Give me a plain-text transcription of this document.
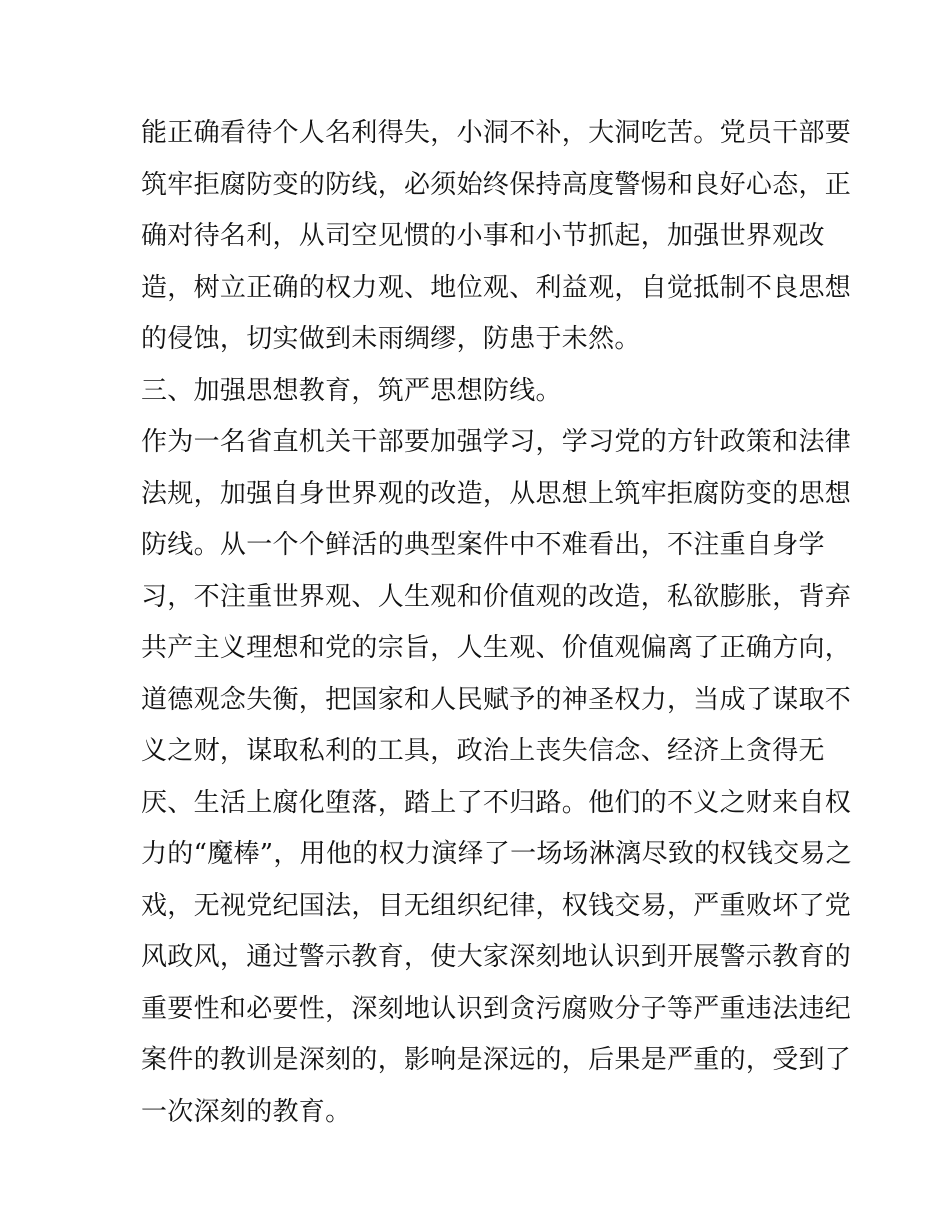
能正确看待个人名利得失，小洞不补，大洞吃苦。党员干部要
筑牢拒腐防变的防线，必须始终保持高度警惕和良好心态，正
确对待名利，从司空见惯的小事和小节抓起，加强世界观改
造，树立正确的权力观、地位观、利益观，自觉抵制不良思想
的侵蚀，切实做到未雨绸缪，防患于未然。
三、加强思想教育，筑严思想防线。
作为一名省直机关干部要加强学习，学习党的方针政策和法律
法规，加强自身世界观的改造，从思想上筑牢拒腐防变的思想
防线。从一个个鲜活的典型案件中不难看出，不注重自身学
习，不注重世界观、人生观和价值观的改造，私欲膨胀，背弃
共产主义理想和党的宗旨，人生观、价值观偏离了正确方向，
道德观念失衡，把国家和人民赋予的神圣权力，当成了谋取不
义之财，谋取私利的工具，政治上丧失信念、经济上贪得无
厌、生活上腐化堕落，踏上了不归路。他们的不义之财来自权
力的“魔棒”，用他的权力演绎了一场场淋漓尽致的权钱交易之
戏，无视党纪国法，目无组织纪律，权钱交易，严重败坏了党
风政风，通过警示教育，使大家深刻地认识到开展警示教育的
重要性和必要性，深刻地认识到贪污腐败分子等严重违法违纪
案件的教训是深刻的，影响是深远的，后果是严重的，受到了
一次深刻的教育。
